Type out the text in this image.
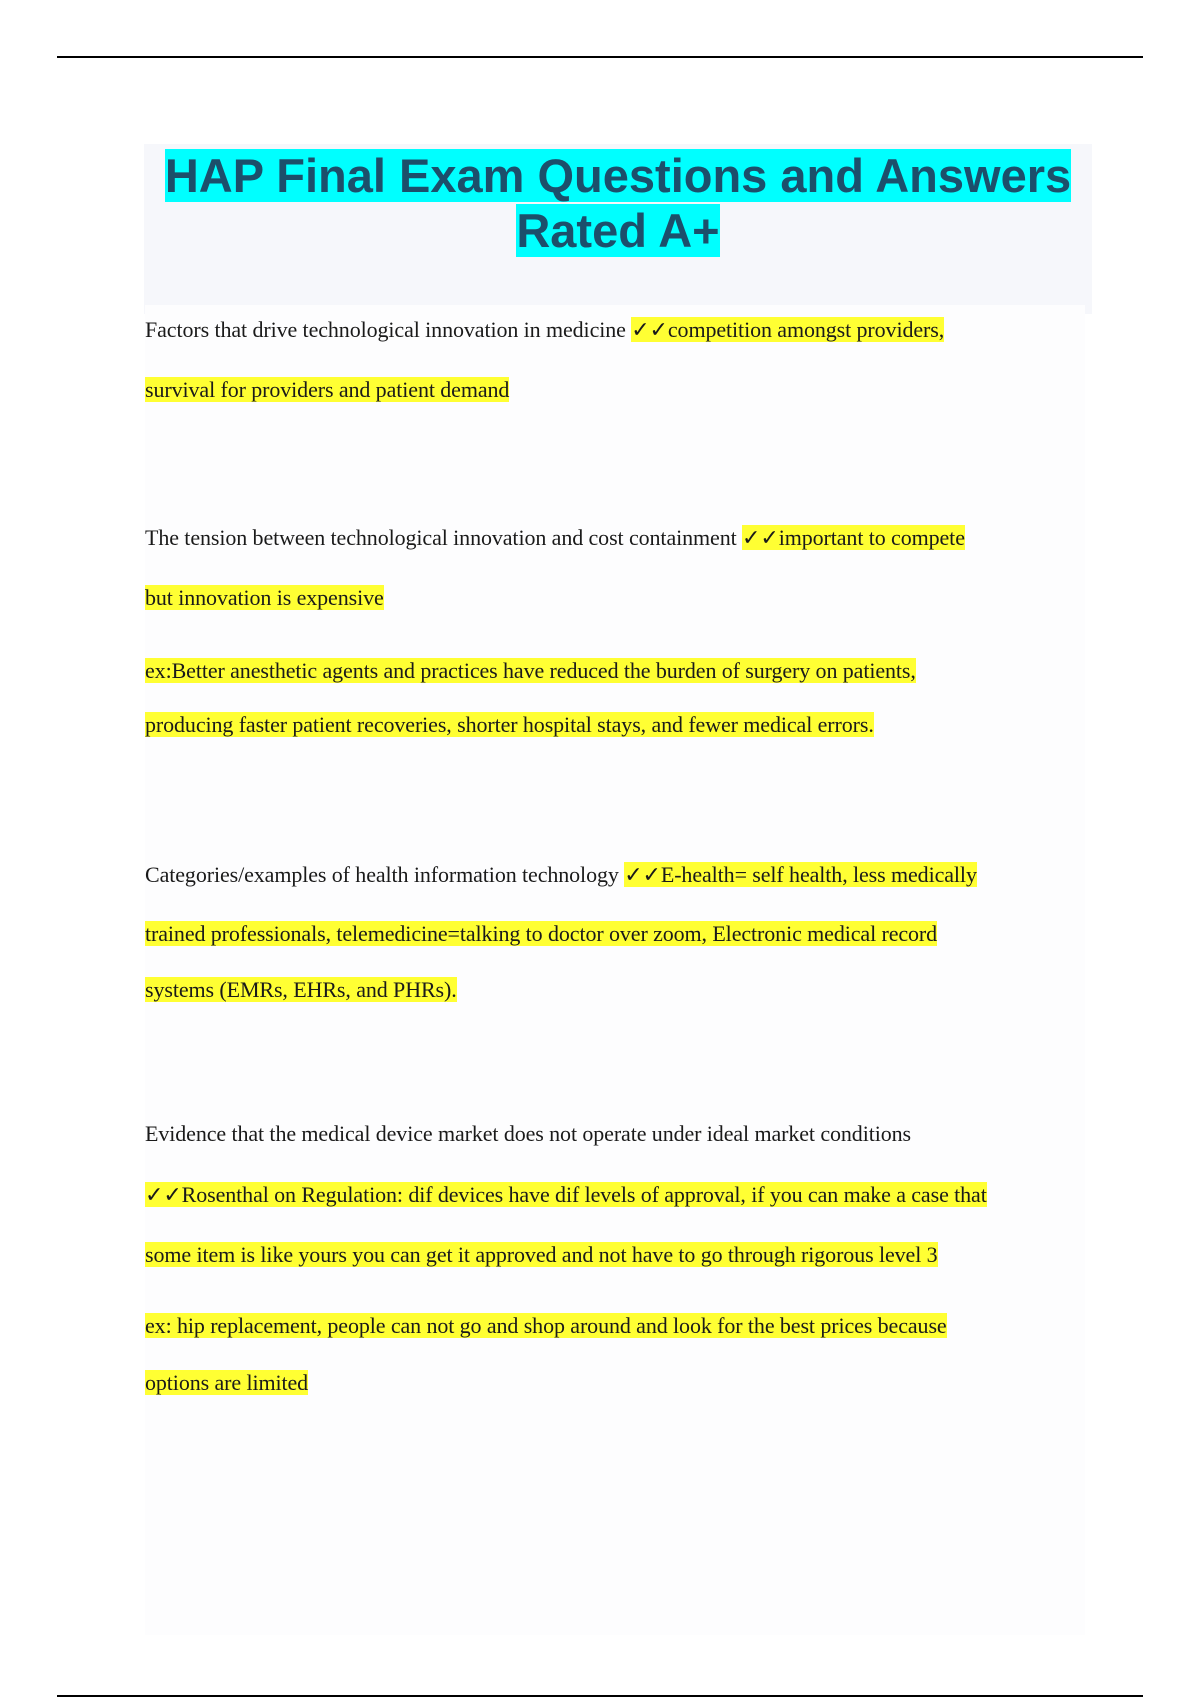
HAP Final Exam Questions and Answers
Rated A+
Factors that drive technological innovation in medicine ✓✓competition amongst providers,
survival for providers and patient demand
The tension between technological innovation and cost containment ✓✓important to compete
but innovation is expensive
ex:Better anesthetic agents and practices have reduced the burden of surgery on patients,
producing faster patient recoveries, shorter hospital stays, and fewer medical errors.
Categories/examples of health information technology ✓✓E-health= self health, less medically
trained professionals, telemedicine=talking to doctor over zoom, Electronic medical record
systems (EMRs, EHRs, and PHRs).
Evidence that the medical device market does not operate under ideal market conditions
✓✓Rosenthal on Regulation: dif devices have dif levels of approval, if you can make a case that
some item is like yours you can get it approved and not have to go through rigorous level 3
ex: hip replacement, people can not go and shop around and look for the best prices because
options are limited
